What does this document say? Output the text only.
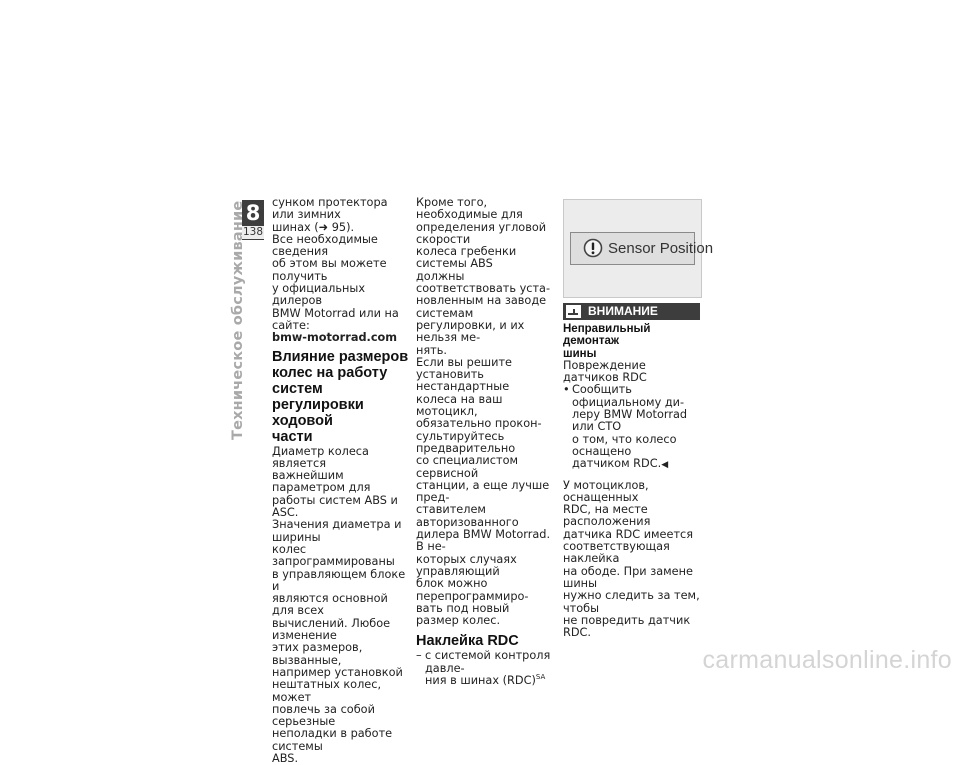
8
138
Техническое обслуживание сунком протектора или зимних

шинах (➜ 95).

Все необходимые сведения

об этом вы можете получить

у официальных дилеров

BMW Motorrad или на сайте:

bmw-motorrad.com

Влияние размеров
колес на работу систем
регулировки ходовой
части

Диаметр колеса является

важнейшим параметром для

работы систем ABS и ASC.

Значения диаметра и ширины

колес запрограммированы

в управляющем блоке и

являются основной для всех

вычислений. Любое изменение

этих размеров, вызванные,

например установкой

нештатных колес, может

повлечь за собой серьезные

неполадки в работе системы

ABS.

Кроме того, необходимые для

определения угловой скорости

колеса гребенки системы ABS

должны соответствовать уста-

новленным на заводе системам

регулировки, и их нельзя ме-

нять.

Если вы решите установить

нестандартные колеса на ваш

мотоцикл, обязательно прокон-

сультируйтесь предварительно

со специалистом сервисной

станции, а еще лучше пред-

ставителем авторизованного

дилера BMW Motorrad. В не-

которых случаях управляющий

блок можно перепрограммиро-

вать под новый размер колес.

Наклейка RDC

– с системой контроля давле-

ния в шинах (RDC)$^{SA}$

Sensor Position
ВНИМАНИЕ

Неправильный демонтаж
шины

Повреждение датчиков RDC

• Сообщить официальному ди-

леру BMW Motorrad или СТО

о том, что колесо оснащено

датчиком RDC.◀

У мотоциклов, оснащенных

RDC, на месте расположения

датчика RDC имеется

соответствующая наклейка

на ободе. При замене шины

нужно следить за тем, чтобы

не повредить датчик RDC.

carmanualsonline.info
